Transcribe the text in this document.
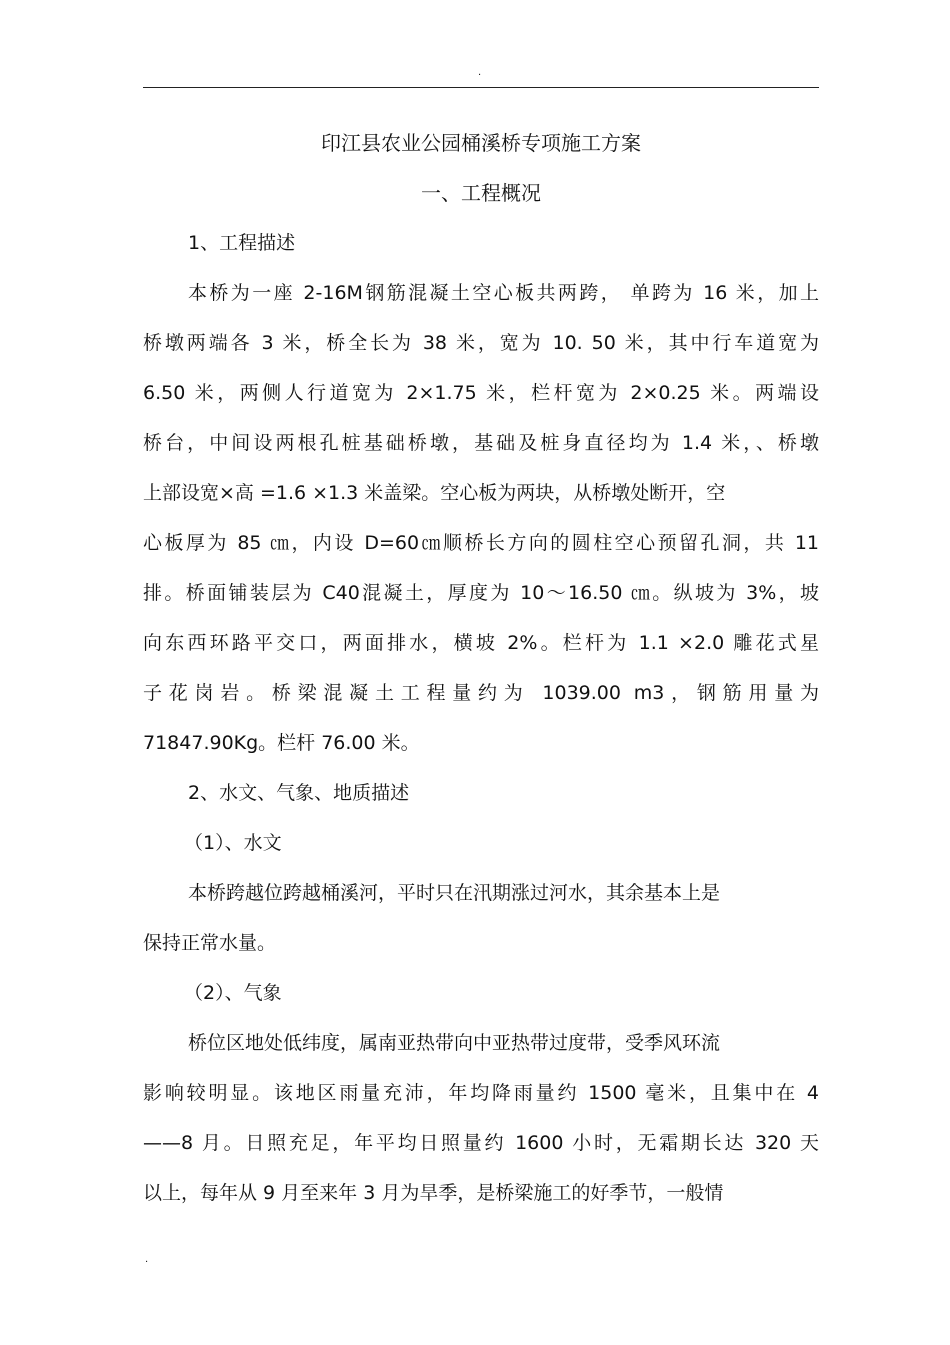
.
印江县农业公园桶溪桥专项施工方案
一、工程概况
1、工程描述
本桥为一座 2-16M钢筋混凝土空心板共两跨， 单跨为 16 米，加上
桥墩两端各 3 米，桥全长为 38 米，宽为 10. 50 米，其中行车道宽为
6.50 米，两侧人行道宽为 2×1.75 米，栏杆宽为 2×0.25 米。两端设
桥台，中间设两根孔桩基础桥墩，基础及桩身直径均为 1.4 米，、桥墩
上部设宽×高 =1.6 ×1.3 米盖梁。空心板为两块，从桥墩处断开，空
心板厚为 85 ㎝，内设 D=60㎝顺桥长方向的圆柱空心预留孔洞，共 11
排。桥面铺装层为 C40混凝土，厚度为 10～16.50 ㎝。纵坡为 3%，坡
向东西环路平交口，两面排水，横坡 2%。栏杆为 1.1 ×2.0 雕花式星
子花岗岩。桥梁混凝土工程量约为 1039.00 m3，钢筋用量为
71847.90Kg。栏杆 76.00 米。
2、水文、气象、地质描述
（1）、水文
本桥跨越位跨越桶溪河，平时只在汛期涨过河水，其余基本上是
保持正常水量。
（2）、气象
桥位区地处低纬度，属南亚热带向中亚热带过度带，受季风环流
影响较明显。该地区雨量充沛，年均降雨量约 1500 毫米，且集中在 4
——8 月。日照充足，年平均日照量约 1600 小时，无霜期长达 320 天
以上，每年从 9 月至来年 3 月为旱季，是桥梁施工的好季节，一般情
.
